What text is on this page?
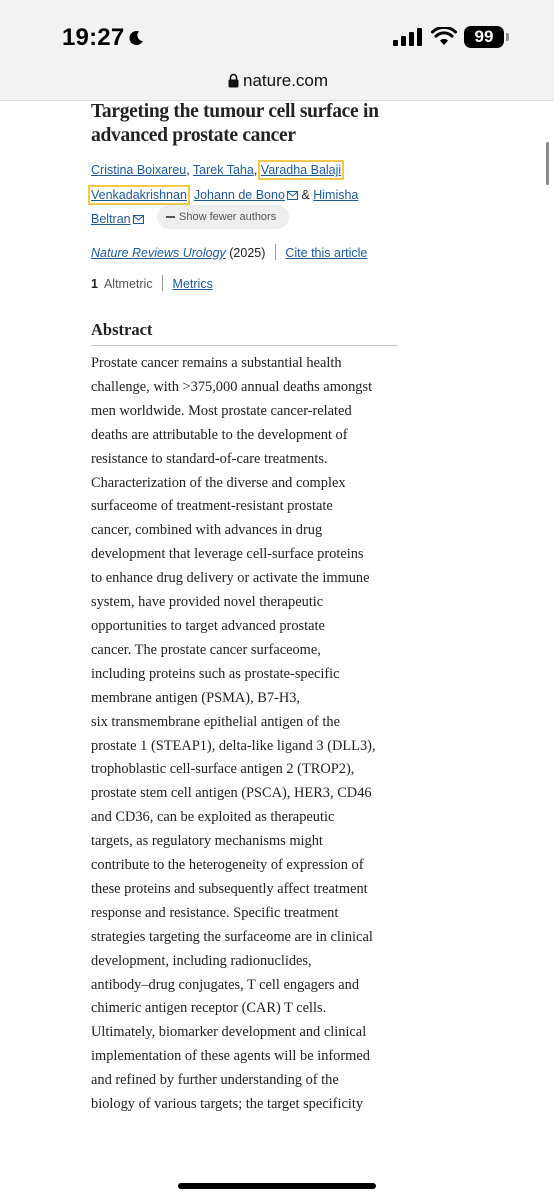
19:27	99
nature.com
Targeting the tumour cell surface in
advanced prostate cancer
Cristina Boixareu, Tarek Taha, Varadha Balaji
Venkadakrishnan, Johann de Bono & Himisha
Beltran	Show fewer authors
Nature Reviews Urology (2025) Cite this article
1 Altmetric Metrics
Abstract
Prostate cancer remains a substantial health
challenge, with >375,000 annual deaths amongst
men worldwide. Most prostate cancer-related
deaths are attributable to the development of
resistance to standard-of-care treatments.
Characterization of the diverse and complex
surfaceome of treatment-resistant prostate
cancer, combined with advances in drug
development that leverage cell-surface proteins
to enhance drug delivery or activate the immune
system, have provided novel therapeutic
opportunities to target advanced prostate
cancer. The prostate cancer surfaceome,
including proteins such as prostate-specific
membrane antigen (PSMA), B7-H3,
six transmembrane epithelial antigen of the
prostate 1 (STEAP1), delta-like ligand 3 (DLL3),
trophoblastic cell-surface antigen 2 (TROP2),
prostate stem cell antigen (PSCA), HER3, CD46
and CD36, can be exploited as therapeutic
targets, as regulatory mechanisms might
contribute to the heterogeneity of expression of
these proteins and subsequently affect treatment
response and resistance. Specific treatment
strategies targeting the surfaceome are in clinical
development, including radionuclides,
antibody–drug conjugates, T cell engagers and
chimeric antigen receptor (CAR) T cells.
Ultimately, biomarker development and clinical
implementation of these agents will be informed
and refined by further understanding of the
biology of various targets; the target specificity
